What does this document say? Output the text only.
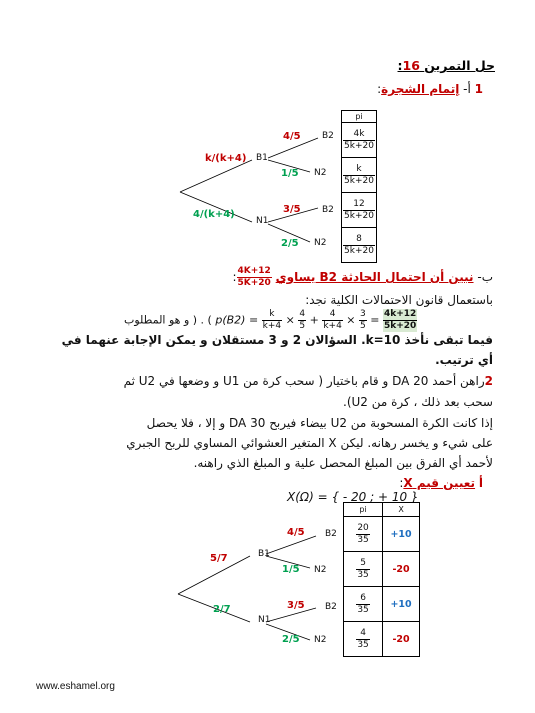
حل التمرين 16:
1 أ- إتمام الشجرة:
k/(k+4)
4/(k+4)
B1
N1
4/5
1/5
3/5
2/5
B2
N2
B2
N2
pi

$\frac{4k}{5k+20}$

$\frac{k}{5k+20}$

$\frac{12}{5k+20}$

$\frac{8}{5k+20}$
ب- نبين أن احتمال الحادثة B2 يساوي
$\frac{4K+12}{5K+20}$
:
باستعمال قانون الاحتمالات الكلية نجد:
و هو المطلوب ) . ( $p(B2) = \frac{k}{k+4} \times \frac{4}{5} + \frac{4}{k+4} \times \frac{3}{5} = \frac{4k+12}{5k+20}$
فيما تبقى نأخذ k=10. السؤالان 2 و 3 مستقلان و يمكن الإجابة عنهما في
أي ترتيب.
2راهن أحمد 20 DA و قام باختيار ( سحب كرة من U1 و وضعها في U2 ثم
سحب بعد ذلك ، كرة من U2).
إذا كانت الكرة المسحوبة من U2 بيضاء فيربح 30 DA و إلا ، فلا يحصل
على شيء و يخسر رهانه. ليكن X المتغير العشوائي المساوي للربح الجبري
لأحمد أي الفرق بين المبلغ المحصل علية و المبلغ الذي راهنه.
أ تعيين قيم X:
X(Ω) = { - 20 ; + 10 }
5/7
2/7
B1
N1
4/5
1/5
3/5
2/5
B2
N2
B2
N2
pi	X

$\frac{20}{35}$	+10

$\frac{5}{35}$	-20

$\frac{6}{35}$	+10

$\frac{4}{35}$	-20
www.eshamel.org
